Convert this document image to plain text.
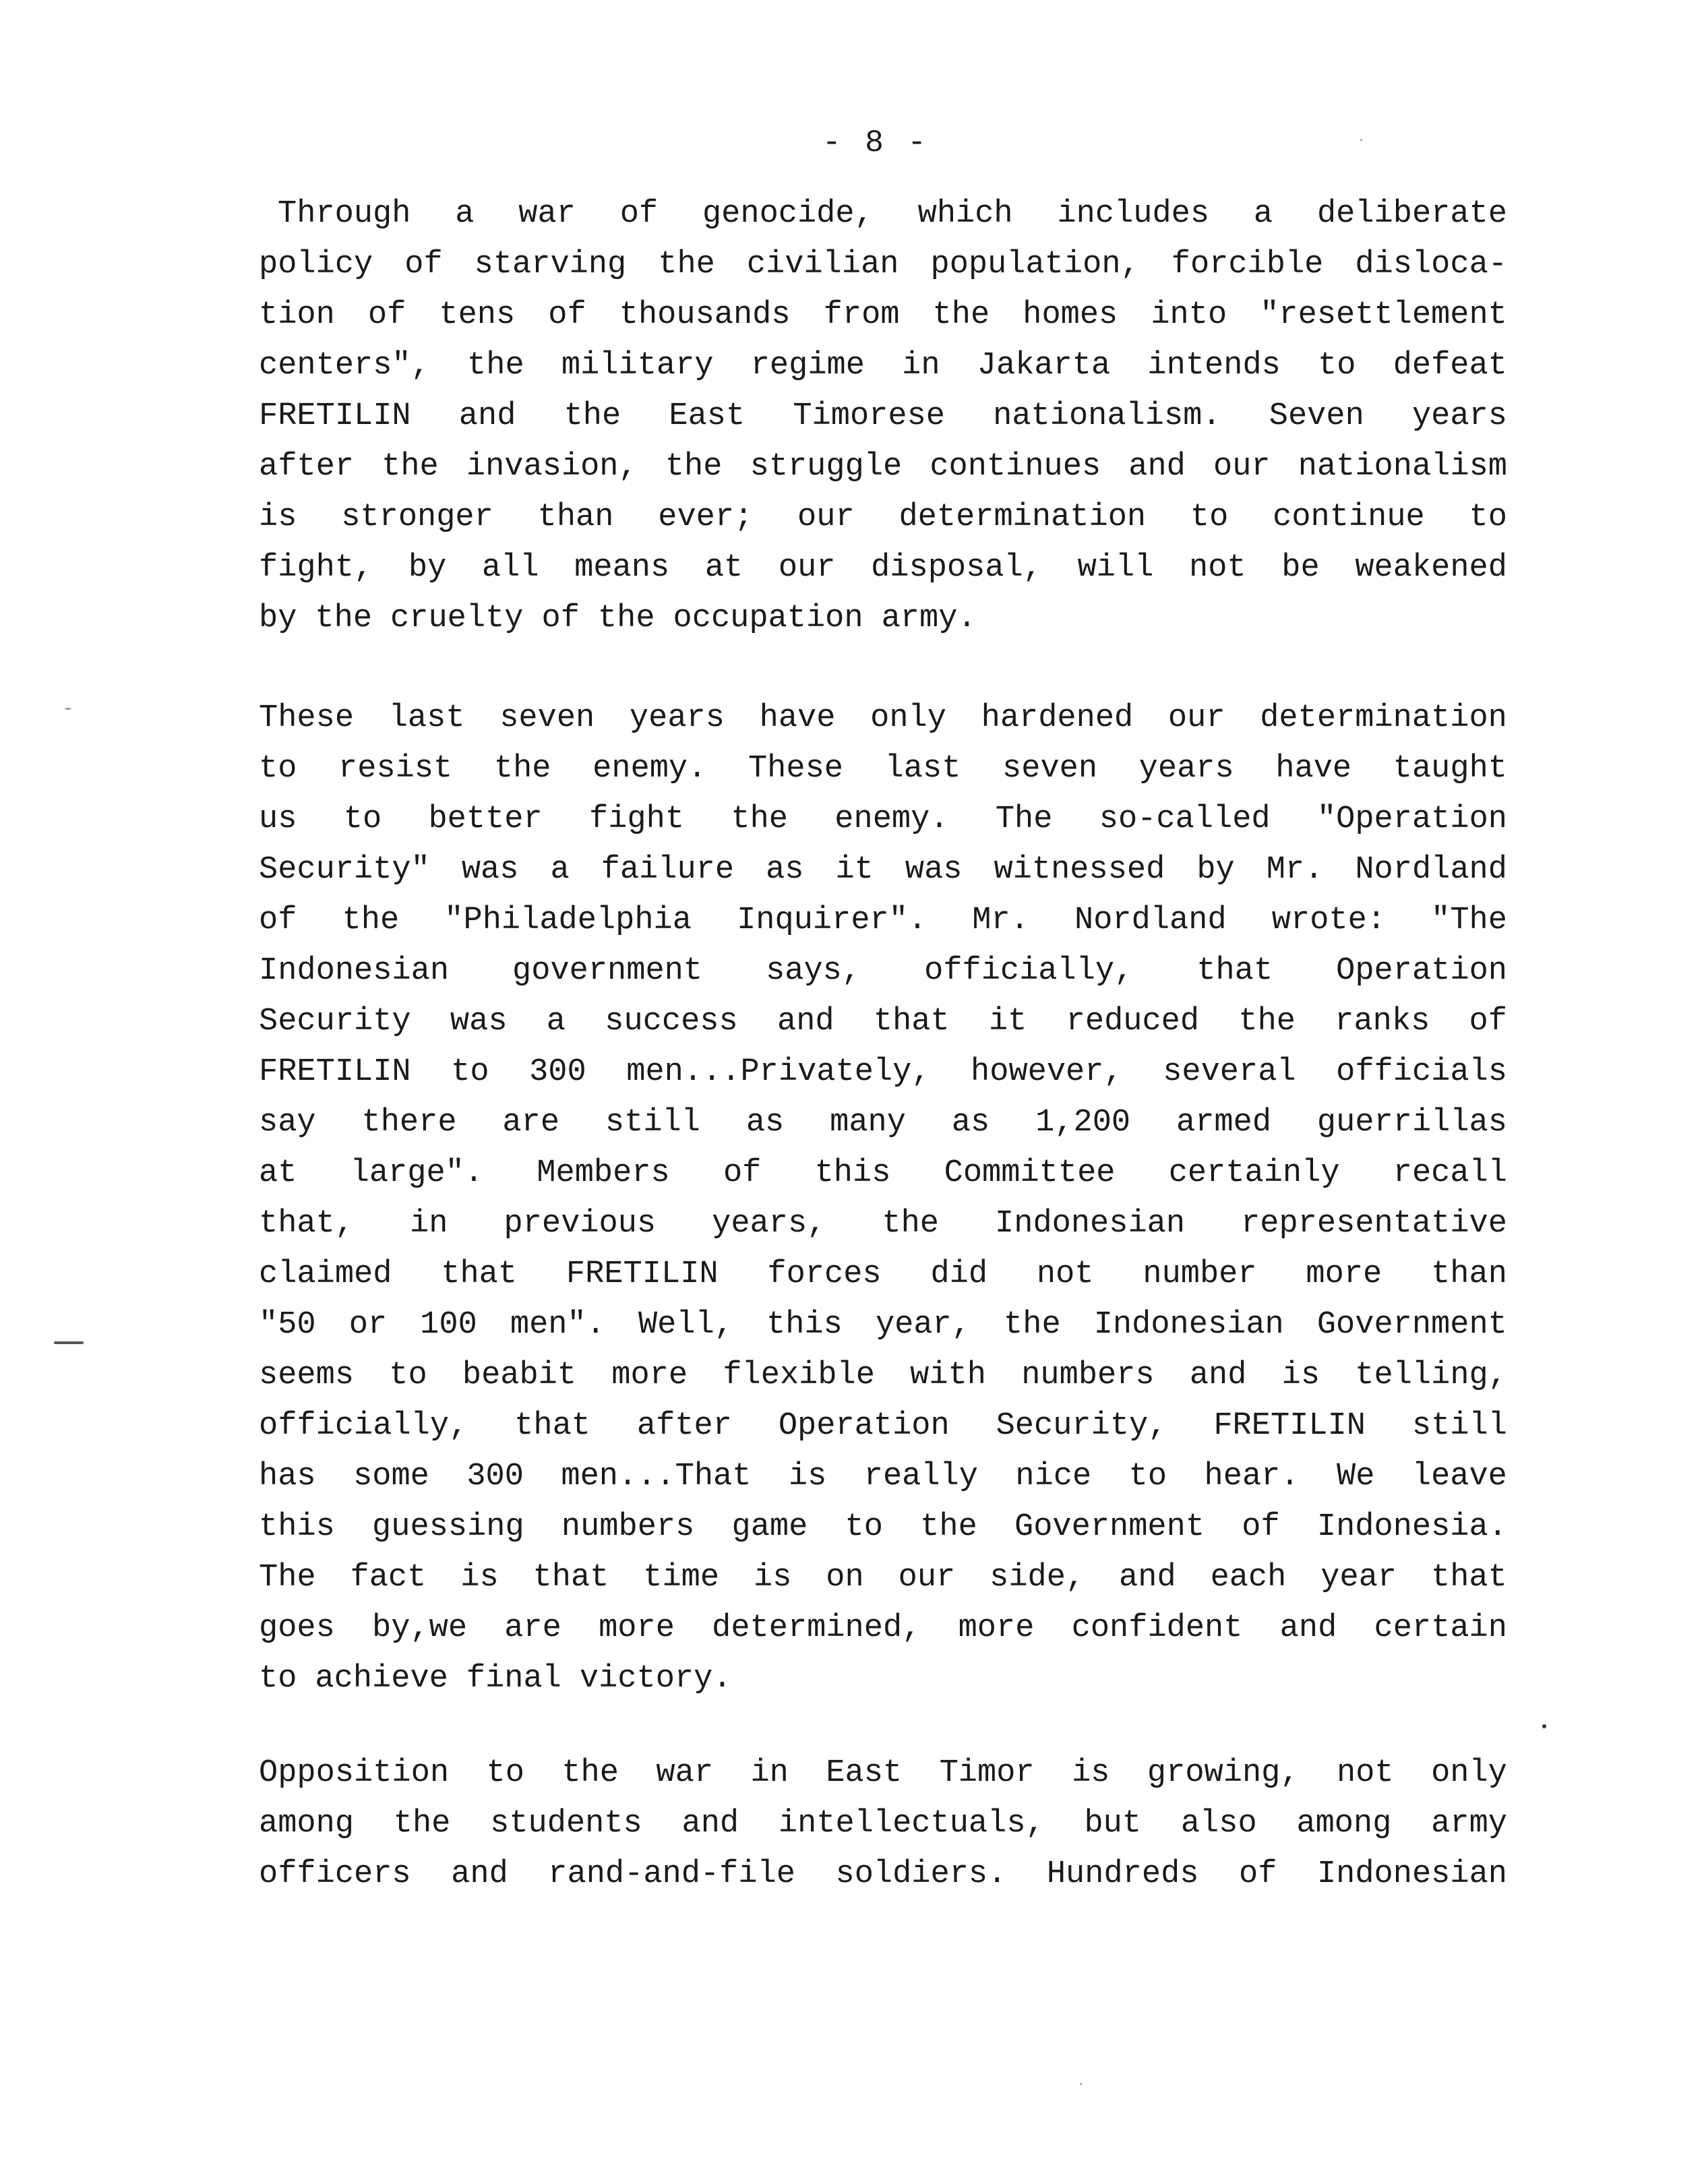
- 8 -
Through a war of genocide, which includes a deliberate
policy of starving the civilian population, forcible disloca-
tion of tens of thousands from the homes into "resettlement
centers", the military regime in Jakarta intends to defeat
FRETILIN and the East Timorese nationalism. Seven years
after the invasion, the struggle continues and our nationalism
is stronger than ever; our determination to continue to
fight, by all means at our disposal, will not be weakened
by the cruelty of the occupation army.
These last seven years have only hardened our determination
to resist the enemy. These last seven years have taught
us to better fight the enemy. The so-called "Operation
Security" was a failure as it was witnessed by Mr. Nordland
of the "Philadelphia Inquirer". Mr. Nordland wrote: "The
Indonesian government says, officially, that Operation
Security was a success and that it reduced the ranks of
FRETILIN to 300 men...Privately, however, several officials
say there are still as many as 1,200 armed guerrillas
at large". Members of this Committee certainly recall
that, in previous years, the Indonesian representative
claimed that FRETILIN forces did not number more than
"50 or 100 men". Well, this year, the Indonesian Government
seems to beabit more flexible with numbers and is telling,
officially, that after Operation Security, FRETILIN still
has some 300 men...That is really nice to hear. We leave
this guessing numbers game to the Government of Indonesia.
The fact is that time is on our side, and each year that
goes by,we are more determined, more confident and certain
to achieve final victory.
Opposition to the war in East Timor is growing, not only
among the students and intellectuals, but also among army
officers and rand-and-file soldiers. Hundreds of Indonesian
